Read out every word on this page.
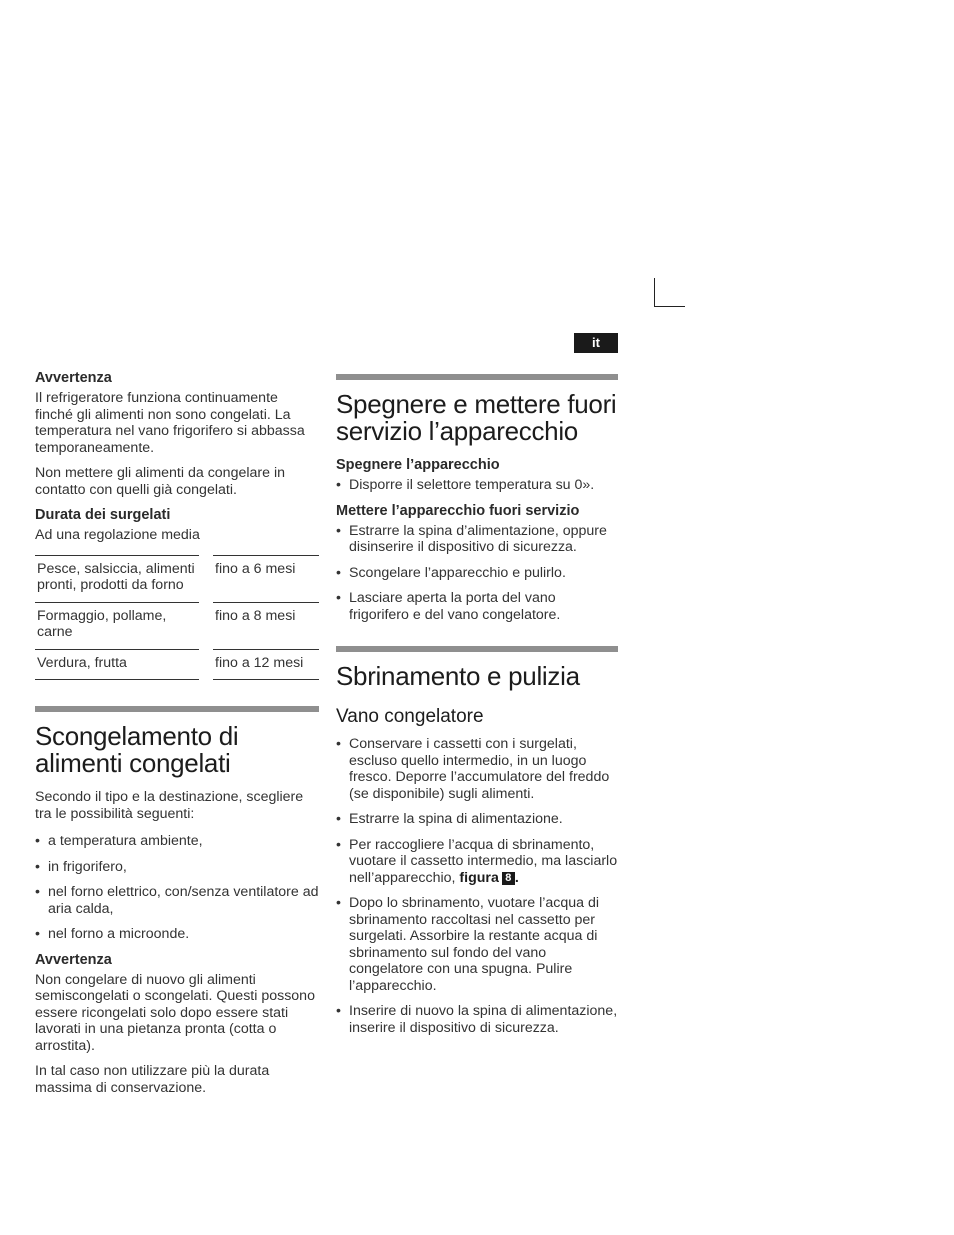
it
Avvertenza

Il refrigeratore funziona continuamente finché gli alimenti non sono congelati. La temperatura nel vano frigorifero si abbassa temporaneamente.

Non mettere gli alimenti da congelare in contatto con quelli già congelati.

Durata dei surgelati

Ad una regolazione media

Pesce, salsiccia, alimenti pronti, prodotti da forno		fino a 6 mesi
Formaggio, pollame, carne		fino a 8 mesi
Verdura, frutta		fino a 12 mesi
Scongelamento di alimenti congelati

Secondo il tipo e la destinazione, scegliere tra le possibilità seguenti:

• a temperatura ambiente,
• in frigorifero,
• nel forno elettrico, con/senza ventilatore ad aria calda,
• nel forno a microonde.
Avvertenza

Non congelare di nuovo gli alimenti semiscongelati o scongelati. Questi possono essere ricongelati solo dopo essere stati lavorati in una pietanza pronta (cotta o arrostita).

In tal caso non utilizzare più la durata massima di conservazione.

Spegnere e mettere fuori servizio l’apparecchio
Spegnere l’apparecchio
• Disporre il selettore temperatura su 0».
Mettere l’apparecchio fuori servizio
• Estrarre la spina d’alimentazione, oppure disinserire il dispositivo di sicurezza.
• Scongelare l’apparecchio e pulirlo.
• Lasciare aperta la porta del vano frigorifero e del vano congelatore.
Sbrinamento e pulizia
Vano congelatore
• Conservare i cassetti con i surgelati, escluso quello intermedio, in un luogo fresco. Deporre l’accumulatore del freddo (se disponibile) sugli alimenti.
• Estrarre la spina di alimentazione.
• Per raccogliere l’acqua di sbrinamento, vuotare il cassetto intermedio, ma lasciarlo nell’apparecchio, figura 8 .
• Dopo lo sbrinamento, vuotare l’acqua di sbrinamento raccoltasi nel cassetto per surgelati. Assorbire la restante acqua di sbrinamento sul fondo del vano congelatore con una spugna. Pulire l’apparecchio.
• Inserire di nuovo la spina di alimentazione, inserire il dispositivo di sicurezza.
